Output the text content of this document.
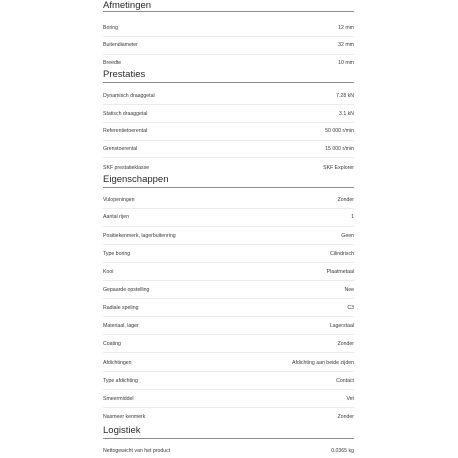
Afmetingen
Boring	12 mm
Buitendiameter	32 mm
Breedte	10 mm
Prestaties
Dynamisch draaggetal	7.28 kN
Statisch draaggetal	3.1 kN
Referentietoerental	50 000 r/min
Grenstoerental	15 000 r/min
SKF prestatieklasse	SKF Explorer
Eigenschappen
Vulopeningen	Zonder
Aantal rijen	1
Positiekenmerk, lagerbuitenring	Geen
Type boring	Cilindrisch
Kooi	Plaatmetaal
Gepaarde opstelling	Nee
Radiale speling	C3
Materiaal, lager	Lagerstaal
Coating	Zonder
Afdichtingen	Afdichting aan beide zijden
Type afdichting	Contact
Smeermiddel	Vet
Nasmeer kenmerk	Zonder
Logistiek
Nettogewicht van het product	0.0365 kg
